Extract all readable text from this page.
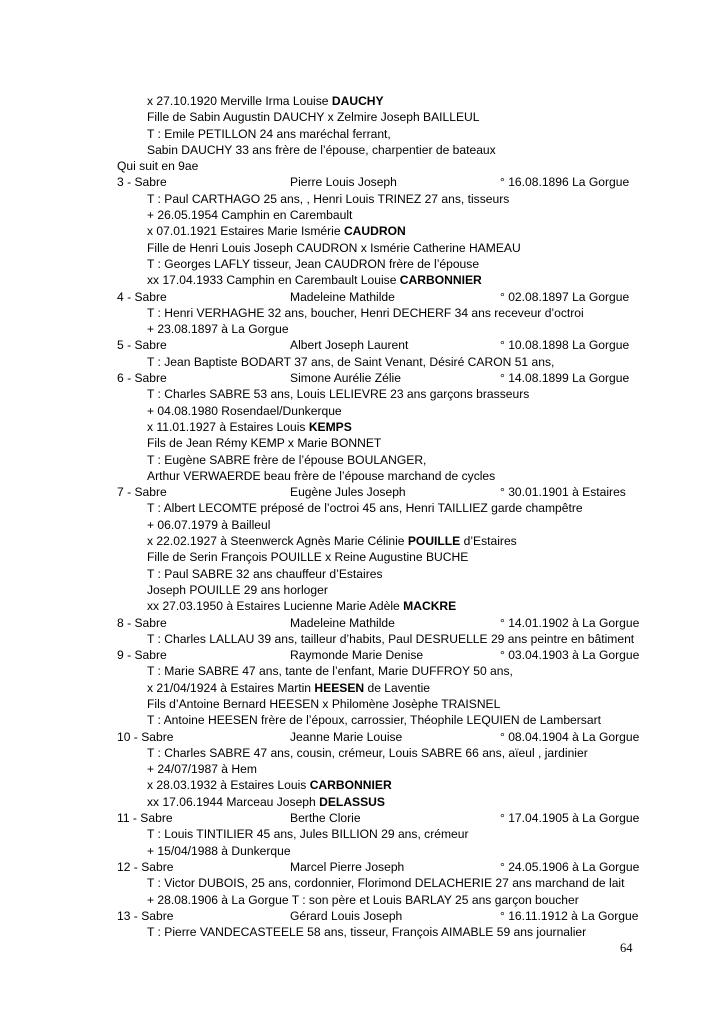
x 27.10.1920 Merville Irma Louise DAUCHY
Fille de Sabin Augustin DAUCHY x Zelmire Joseph BAILLEUL
T : Emile PETILLON 24 ans maréchal ferrant,
Sabin DAUCHY 33 ans frère de l’épouse, charpentier de bateaux
Qui suit en 9ae
3 - Sabre	Pierre Louis Joseph	° 16.08.1896 La Gorgue
T : Paul CARTHAGO 25 ans, , Henri Louis TRINEZ 27 ans, tisseurs
+ 26.05.1954 Camphin en Carembault
x 07.01.1921 Estaires Marie Ismérie CAUDRON
Fille de Henri Louis Joseph CAUDRON x Ismérie Catherine HAMEAU
T : Georges LAFLY tisseur, Jean CAUDRON frère de l’épouse
xx 17.04.1933 Camphin en Carembault Louise CARBONNIER
4 - Sabre	Madeleine Mathilde	° 02.08.1897 La Gorgue
T : Henri VERHAGHE 32 ans, boucher, Henri DECHERF 34 ans receveur d’octroi
+ 23.08.1897 à La Gorgue
5 - Sabre	Albert Joseph Laurent	° 10.08.1898 La Gorgue
T : Jean Baptiste BODART 37 ans, de Saint Venant, Désiré CARON 51 ans,
6 - Sabre	Simone Aurélie Zélie	° 14.08.1899 La Gorgue
T : Charles SABRE 53 ans, Louis LELIEVRE 23 ans garçons brasseurs
+ 04.08.1980 Rosendael/Dunkerque
x 11.01.1927 à Estaires Louis KEMPS
Fils de Jean Rémy KEMP x Marie BONNET
T : Eugène SABRE frère de l’épouse BOULANGER,
Arthur VERWAERDE beau frère de l’épouse marchand de cycles
7 - Sabre	Eugène Jules Joseph	° 30.01.1901 à Estaires
T : Albert LECOMTE préposé de l’octroi 45 ans, Henri TAILLIEZ garde champêtre
+ 06.07.1979 à Bailleul
x 22.02.1927 à Steenwerck Agnès Marie Célinie POUILLE d’Estaires
Fille de Serin François POUILLE x Reine Augustine BUCHE
T : Paul SABRE 32 ans chauffeur d’Estaires
Joseph POUILLE 29 ans horloger
xx 27.03.1950 à Estaires Lucienne Marie Adèle MACKRE
8 - Sabre	Madeleine Mathilde	° 14.01.1902 à La Gorgue
T : Charles LALLAU 39 ans, tailleur d’habits, Paul DESRUELLE 29 ans peintre en bâtiment
9 - Sabre	Raymonde Marie Denise	° 03.04.1903 à La Gorgue
T : Marie SABRE 47 ans, tante de l’enfant, Marie DUFFROY 50 ans,
x 21/04/1924 à Estaires Martin HEESEN de Laventie
Fils d’Antoine Bernard HEESEN x Philomène Josèphe TRAISNEL
T : Antoine HEESEN frère de l’époux, carrossier, Théophile LEQUIEN de Lambersart
10 - Sabre	Jeanne Marie Louise	° 08.04.1904 à La Gorgue
T : Charles SABRE 47 ans, cousin, crémeur, Louis SABRE 66 ans, aïeul , jardinier
+ 24/07/1987 à Hem
x 28.03.1932 à Estaires Louis CARBONNIER
xx 17.06.1944 Marceau Joseph DELASSUS
11 - Sabre	Berthe Clorie	° 17.04.1905 à La Gorgue
T : Louis TINTILIER 45 ans, Jules BILLION 29 ans, crémeur
+ 15/04/1988 à Dunkerque
12 - Sabre	Marcel Pierre Joseph	° 24.05.1906 à La Gorgue
T : Victor DUBOIS, 25 ans, cordonnier, Florimond DELACHERIE 27 ans marchand de lait
+ 28.08.1906 à La Gorgue T : son père et Louis BARLAY 25 ans garçon boucher
13 - Sabre	Gérard Louis Joseph	° 16.11.1912 à La Gorgue
T : Pierre VANDECASTEELE 58 ans, tisseur, François AIMABLE 59 ans journalier
64
